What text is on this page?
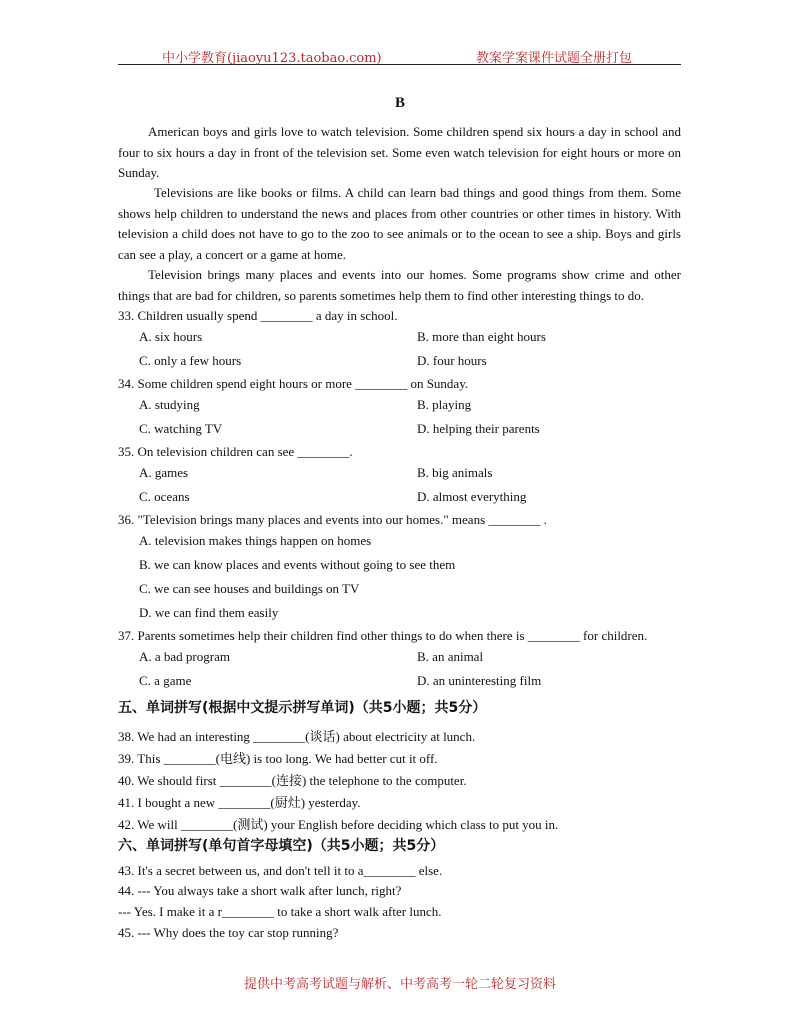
中小学教育(jiaoyu123.taobao.com)	教案学案课件试题全册打包
B
American boys and girls love to watch television. Some children spend six hours a day in school and four to six hours a day in front of the television set. Some even watch television for eight hours or more on Sunday.
Televisions are like books or films. A child can learn bad things and good things from them. Some shows help children to understand the news and places from other countries or other times in history. With television a child does not have to go to the zoo to see animals or to the ocean to see a ship. Boys and girls can see a play, a concert or a game at home.
Television brings many places and events into our homes. Some programs show crime and other things that are bad for children, so parents sometimes help them to find other interesting things to do.
33. Children usually spend ________ a day in school.
A. six hours	B. more than eight hours
C. only a few hours	D. four hours
34. Some children spend eight hours or more ________ on Sunday.
A. studying	B. playing
C. watching TV	D. helping their parents
35. On television children can see ________.
A. games	B. big animals
C. oceans	D. almost everything
36. "Television brings many places and events into our homes." means ________ .
A. television makes things happen on homes
B. we can know places and events without going to see them
C. we can see houses and buildings on TV
D. we can find them easily
37. Parents sometimes help their children find other things to do when there is ________ for children.
A. a bad program	B. an animal
C. a game	D. an uninteresting film
五、单词拼写(根据中文提示拼写单词)（共5小题；共5分）
38. We had an interesting ________(谈话) about electricity at lunch.
39. This ________(电线) is too long. We had better cut it off.
40. We should first ________(连接) the telephone to the computer.
41. I bought a new ________(厨灶) yesterday.
42. We will ________(测试) your English before deciding which class to put you in.
六、单词拼写(单句首字母填空)（共5小题；共5分）
43. It's a secret between us, and don't tell it to a________ else.
44. --- You always take a short walk after lunch, right?
--- Yes. I make it a r________ to take a short walk after lunch.
45. --- Why does the toy car stop running?
提供中考高考试题与解析、中考高考一轮二轮复习资料
